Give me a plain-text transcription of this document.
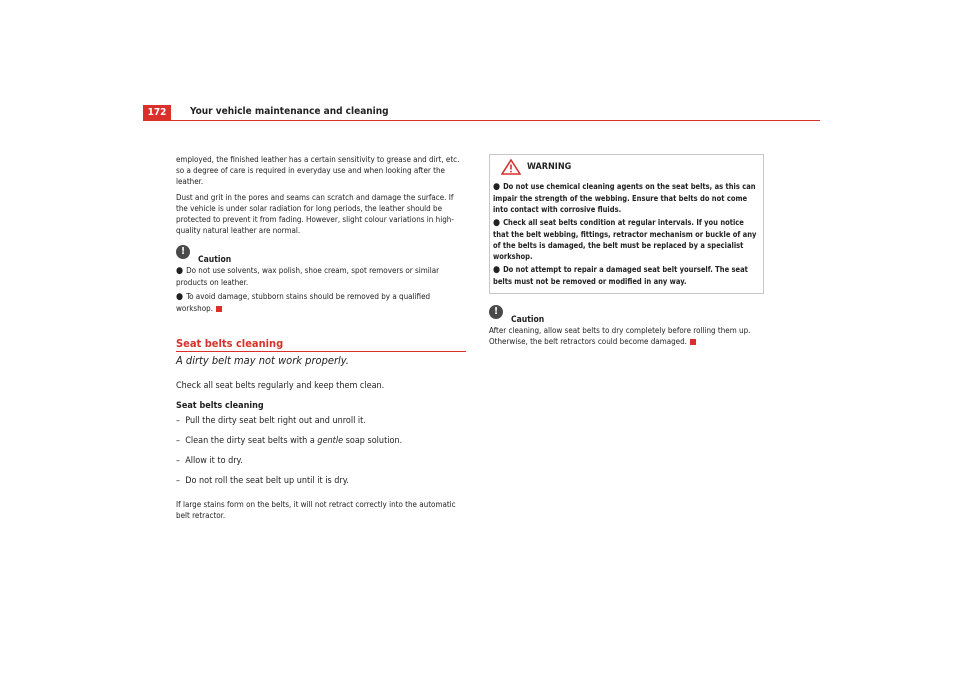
172	Your vehicle maintenance and cleaning

employed, the finished leather has a certain sensitivity to grease and dirt, etc. so a degree of care is required in everyday use and when looking after the leather.

Dust and grit in the pores and seams can scratch and damage the surface. If the vehicle is under solar radiation for long periods, the leather should be protected to prevent it from fading. However, slight colour variations in high-quality natural leather are normal.

!
Caution

● Do not use solvents, wax polish, shoe cream, spot removers or similar products on leather.

● To avoid damage, stubborn stains should be removed by a qualified workshop.

Seat belts cleaning
A dirty belt may not work properly.

Check all seat belts regularly and keep them clean.

Seat belts cleaning

– Pull the dirty seat belt right out and unroll it.

– Clean the dirty seat belts with a gentle soap solution.

– Allow it to dry.

– Do not roll the seat belt up until it is dry.

If large stains form on the belts, it will not retract correctly into the automatic belt retractor.

WARNING

● Do not use chemical cleaning agents on the seat belts, as this can impair the strength of the webbing. Ensure that belts do not come into contact with corrosive fluids.

● Check all seat belts condition at regular intervals. If you notice that the belt webbing, fittings, retractor mechanism or buckle of any of the belts is damaged, the belt must be replaced by a specialist workshop.

● Do not attempt to repair a damaged seat belt yourself. The seat belts must not be removed or modified in any way.

!
Caution

After cleaning, allow seat belts to dry completely before rolling them up. Otherwise, the belt retractors could become damaged.
